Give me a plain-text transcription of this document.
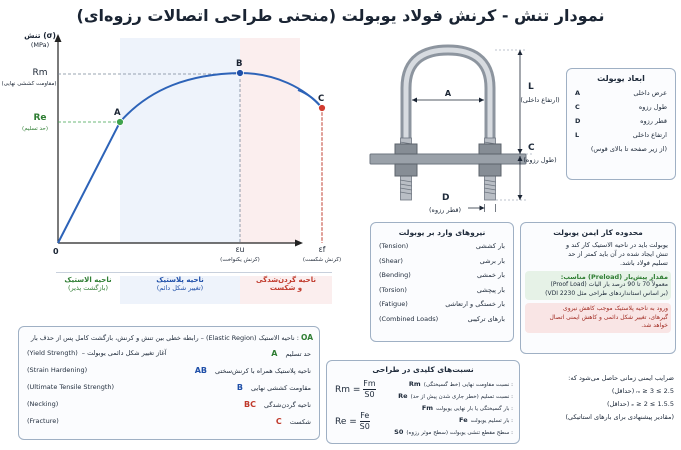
نمودار تنش - کرنش فولاد یوبولت (منحنی طراحی اتصالات رزوه‌ای)
تنش (σ)
(MPa)
Rm
(مقاومت کششی نهایی)
Re
(حد تسلیم)
A
B
C
0	εu
(کرنش یکنواخت)
εf
(کرنش شکست)
ناحیه الاستیک
(بازگشت پذیر)
ناحیه پلاستیک
(تغییر شکل دائم)
ناحیه گردن‌شدگی
و شکست
A
L
(ارتفاع داخلی)
C
(طول رزوه)
D
(قطر رزوه)
ابعاد یوبولت
عرض داخلی
A
طول رزوه
C
قطر رزوه
D
ارتفاع داخلی
L
(از زیر صفحه تا بالای قوس)
نیروهای وارد بر یوبولت
بار کششی
(Tension)
بار برشی
(Shear)
بار خمشی
(Bending)
بار پیچشی
(Torsion)
بار خستگی و ارتعاشی
(Fatigue)
بارهای ترکیبی
(Combined Loads)
محدوده کار ایمن یوبولت
یوبولت باید در ناحیه الاستیک کار کند و
تنش ایجاد شده در آن باید کمتر از حد
تسلیم فولاد باشد.
مقدار پیش‌بار (Preload) مناسب:
معمولاً 70 تا 90 درصد بار الیات (Proof Load)
(بر اساس استانداردهای طراحی مثل VDI 2230)
ورود به ناحیه پلاستیک موجب کاهش نیروی
گیرهای، تغییر شکل دائمی و کاهش ایمنی اتصال
خواهد شد.
OA : ناحیه الاستیک (Elastic Region) – رابطه خطی بین تنش و کرنش، بازگشت کامل پس از حذف بار
(Yield Strength) – آغاز تغییر شکل دائمی یوبولت	حد تسلیمA
(Strain Hardening)	ناحیه پلاستیک همراه با کرنش‌سختیAB
(Ultimate Tensile Strength)	مقاومت کششی نهاییB
(Necking)	ناحیه گردن‌شدگیBC
(Fracture)	شکستC
نسبت‌های کلیدی در طراحی
$Rm = \frac{Fm}{S0}$
$Re = \frac{Fe}{S0}$
: نسبت مقاومت نهایی (خط گسیختگی)Rm
: نسبت تسلیم (خطر جاری شدن پیش از حد)Re
: بار گسیختگی یا بار نهایی یوبولتFm
: بار تسلیم یوبولتFe
: سطح مقطع تنشی یوبولت (سطح موثر رزوه)S0
ضرایب ایمنی زمانی حاصل می‌شود که:
2.5 ≥ ₘ ≥ 3 (حداقل)
1.5.5 ≥ ₑ ≥ 2 (حداقل)
(مقادیر پیشنهادی برای بارهای استاتیکی)
